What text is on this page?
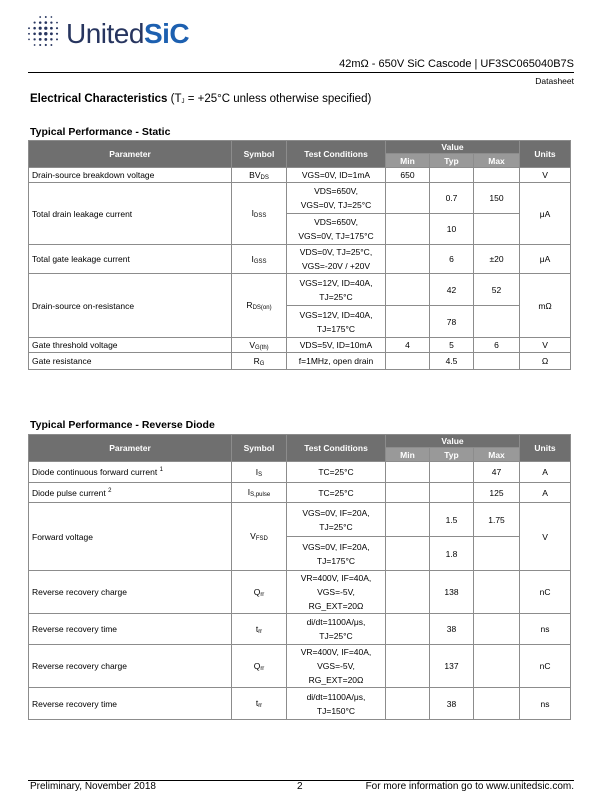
UnitedSiC
42mΩ - 650V SiC Cascode | UF3SC065040B7S
Datasheet
Electrical Characteristics ($T_J = +25^\circ C$ unless otherwise specified)
Typical Performance - Static
Parameter	Symbol	Test Conditions	Value			Units
			Min	Typ	Max	
Drain-source breakdown voltage	$BV_{DS}$	VGS=0V, ID=1mA	650			V
Total drain leakage current	$I_{DSS}$	VDS=650V,
VGS=0V, TJ=25°C		0.7	150	μA

		VDS=650V,
VGS=0V, TJ=175°C		10		
Total gate leakage current	$I_{GSS}$	VDS=0V, TJ=25°C,
VGS=-20V / +20V		6	±20	μA
Drain-source on-resistance	$R_{DS(on)}$	VGS=12V, ID=40A,
TJ=25°C		42	52	mΩ

		VGS=12V, ID=40A,
TJ=175°C		78		
Gate threshold voltage	$V_{G(th)}$	VDS=5V, ID=10mA	4	5	6	V
Gate resistance	$R_G$	f=1MHz, open drain		4.5		Ω
Typical Performance - Reverse Diode
Parameter	Symbol	Test Conditions	Value			Units
			Min	Typ	Max	
Diode continuous forward current $^1$	$I_S$	TC=25°C			47	A
Diode pulse current $^2$	$I_{S,pulse}$	TC=25°C			125	A
Forward voltage	$V_{FSD}$	VGS=0V, IF=20A,
TJ=25°C		1.5	1.75	V

		VGS=0V, IF=20A,
TJ=175°C		1.8		
Reverse recovery charge	$Q_{rr}$	VR=400V, IF=40A,
VGS=-5V, RG_EXT=20Ω		138		nC
Reverse recovery time	$t_{rr}$	di/dt=1100A/μs,
TJ=25°C		38		ns
Reverse recovery charge	$Q_{rr}$	VR=400V, IF=40A,
VGS=-5V, RG_EXT=20Ω		137		nC
Reverse recovery time	$t_{rr}$	di/dt=1100A/μs,
TJ=150°C		38		ns
Preliminary, November 2018	2	For more information go to www.unitedsic.com.
